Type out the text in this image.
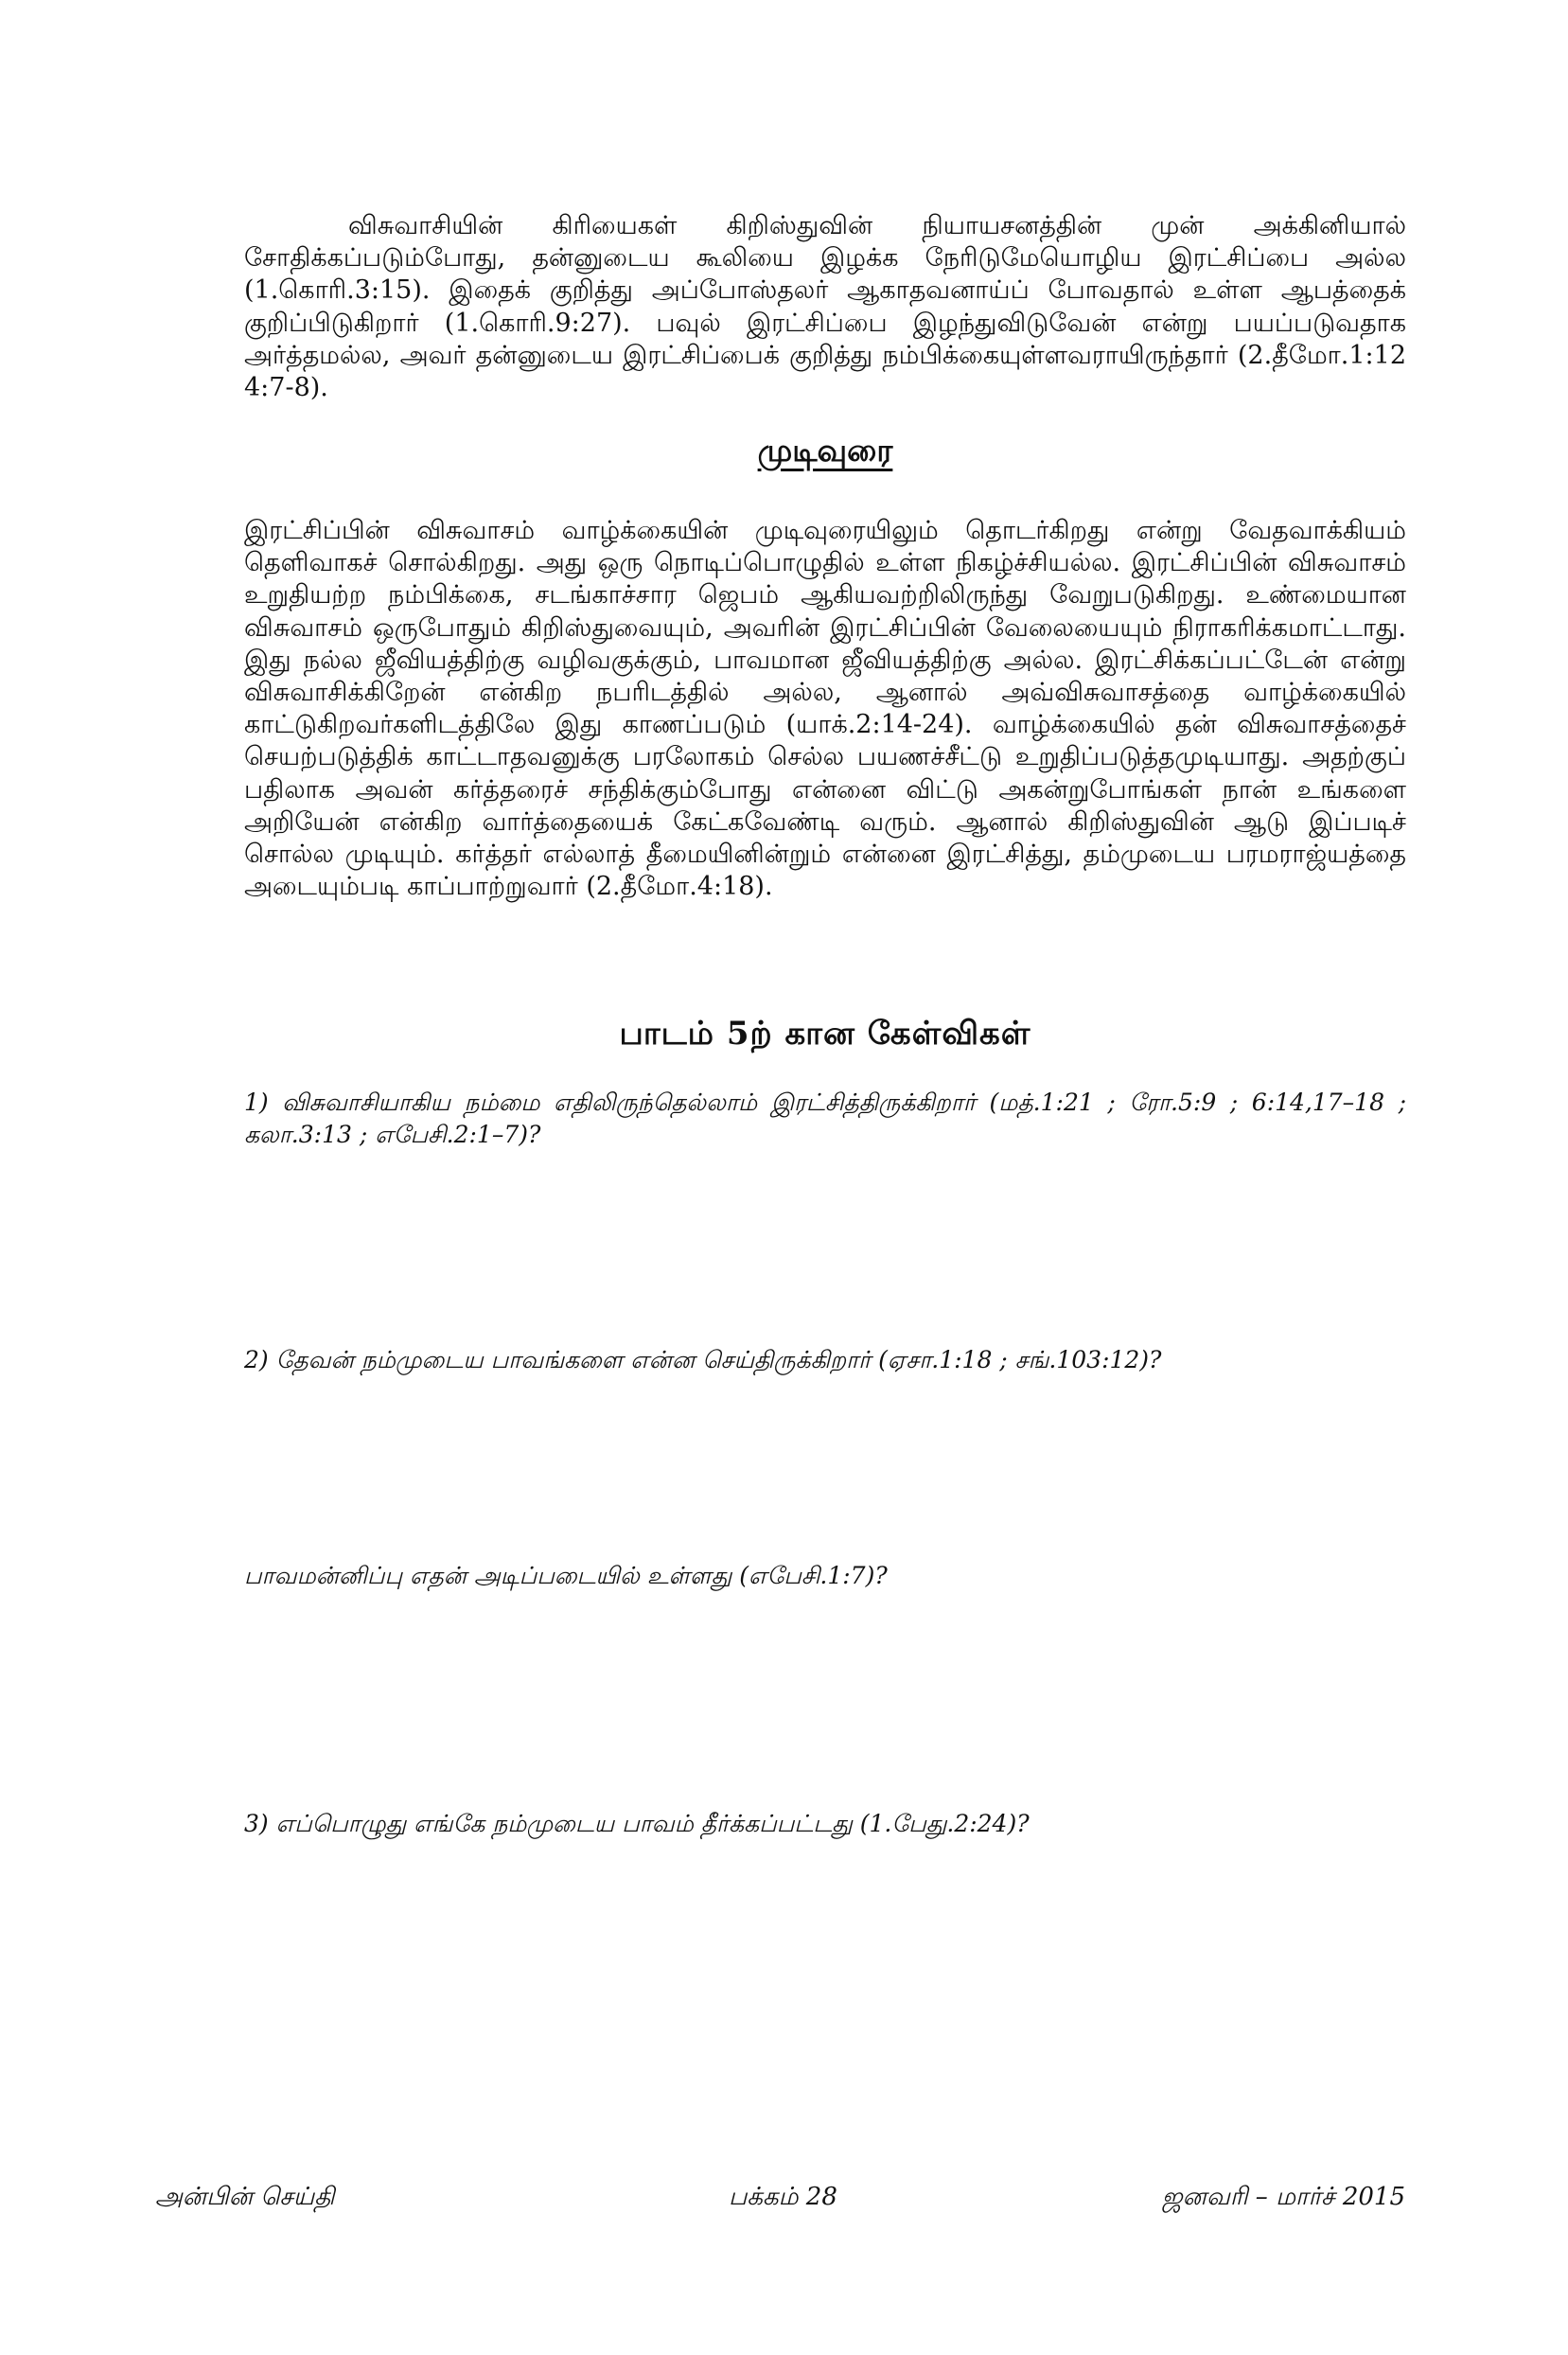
விசுவாசியின் கிரியைகள் கிறிஸ்துவின் நியாயசனத்தின் முன் அக்கினியால் சோதிக்கப்படும்போது, தன்னுடைய கூலியை இழக்க நேரிடுமேயொழிய இரட்சிப்பை அல்ல (1.கொரி.3:15). இதைக் குறித்து அப்போஸ்தலர் ஆகாதவனாய்ப் போவதால் உள்ள ஆபத்தைக் குறிப்பிடுகிறார் (1.கொரி.9:27). பவுல் இரட்சிப்பை இழந்துவிடுவேன் என்று பயப்படுவதாக அர்த்தமல்ல, அவர் தன்னுடைய இரட்சிப்பைக் குறித்து நம்பிக்கையுள்ளவராயிருந்தார் (2.தீமோ.1:12 4:7-8).

முடிவுரை

இரட்சிப்பின் விசுவாசம் வாழ்க்கையின் முடிவுரையிலும் தொடர்கிறது என்று வேதவாக்கியம் தெளிவாகச் சொல்கிறது. அது ஒரு நொடிப்பொழுதில் உள்ள நிகழ்ச்சியல்ல. இரட்சிப்பின் விசுவாசம் உறுதியற்ற நம்பிக்கை, சடங்காச்சார ஜெபம் ஆகியவற்றிலிருந்து வேறுபடுகிறது. உண்மையான விசுவாசம் ஒருபோதும் கிறிஸ்துவையும், அவரின் இரட்சிப்பின் வேலையையும் நிராகரிக்கமாட்டாது. இது நல்ல ஜீவியத்திற்கு வழிவகுக்கும், பாவமான ஜீவியத்திற்கு அல்ல. இரட்சிக்கப்பட்டேன் என்று விசுவாசிக்கிறேன் என்கிற நபரிடத்தில் அல்ல, ஆனால் அவ்விசுவாசத்தை வாழ்க்கையில் காட்டுகிறவர்களிடத்திலே இது காணப்படும் (யாக்.2:14-24). வாழ்க்கையில் தன் விசுவாசத்தைச் செயற்படுத்திக் காட்டாதவனுக்கு பரலோகம் செல்ல பயணச்சீட்டு உறுதிப்படுத்தமுடியாது. அதற்குப் பதிலாக அவன் கர்த்தரைச் சந்திக்கும்போது என்னை விட்டு அகன்றுபோங்கள் நான் உங்களை அறியேன் என்கிற வார்த்தையைக் கேட்கவேண்டி வரும். ஆனால் கிறிஸ்துவின் ஆடு இப்படிச் சொல்ல முடியும். கர்த்தர் எல்லாத் தீமையினின்றும் என்னை இரட்சித்து, தம்முடைய பரமராஜ்யத்தை அடையும்படி காப்பாற்றுவார் (2.தீமோ.4:18).

பாடம் 5ற் கான கேள்விகள்

1) விசுவாசியாகிய நம்மை எதிலிருந்தெல்லாம் இரட்சித்திருக்கிறார் (மத்.1:21 ; ரோ.5:9 ; 6:14,17–18 ; கலா.3:13 ; எபேசி.2:1–7)?

2) தேவன் நம்முடைய பாவங்களை என்ன செய்திருக்கிறார் (ஏசா.1:18 ; சங்.103:12)?

பாவமன்னிப்பு எதன் அடிப்படையில் உள்ளது (எபேசி.1:7)?

3) எப்பொழுது எங்கே நம்முடைய பாவம் தீர்க்கப்பட்டது (1.பேது.2:24)?

அன்பின் செய்தி	பக்கம் 28	ஜனவரி – மார்ச் 2015
